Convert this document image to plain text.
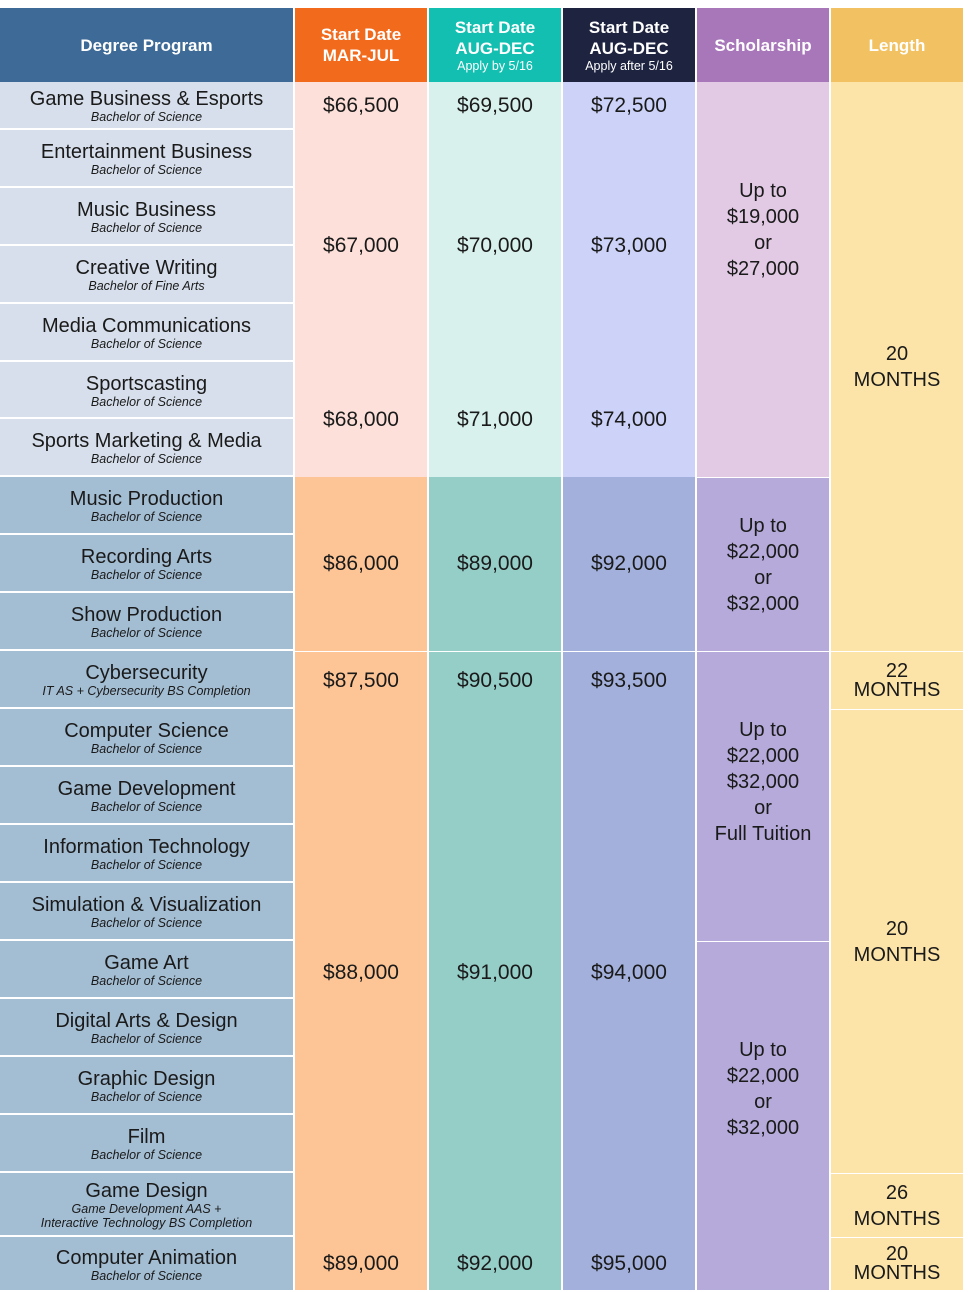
Degree Program
Start Date
MAR-JUL
Start Date
AUG-DEC
Apply by 5/16
Start Date
AUG-DEC
Apply after 5/16
Scholarship	Length
Game Business & Esports
Bachelor of Science
Entertainment Business
Bachelor of Science
Music Business
Bachelor of Science
Creative Writing
Bachelor of Fine Arts
Media Communications
Bachelor of Science
Sportscasting
Bachelor of Science
Sports Marketing & Media
Bachelor of Science
Music Production
Bachelor of Science
Recording Arts
Bachelor of Science
Show Production
Bachelor of Science
Cybersecurity
IT AS + Cybersecurity BS Completion
Computer Science
Bachelor of Science
Game Development
Bachelor of Science
Information Technology
Bachelor of Science
Simulation & Visualization
Bachelor of Science
Game Art
Bachelor of Science
Digital Arts & Design
Bachelor of Science
Graphic Design
Bachelor of Science
Film
Bachelor of Science
Game Design
Game Development AAS +
Interactive Technology BS Completion
Computer Animation
Bachelor of Science
$66,500
$67,000
$68,000
$86,000
$87,500
$88,000
$89,000
$69,500
$70,000
$71,000
$89,000
$90,500
$91,000
$92,000
$72,500
$73,000
$74,000
$92,000
$93,500
$94,000
$95,000
Up to
$19,000
or
$27,000
Up to
$22,000
or
$32,000
Up to
$22,000
$32,000
or
Full Tuition
Up to
$22,000
or
$32,000
20
MONTHS
22
MONTHS
20
MONTHS
26
MONTHS
20
MONTHS
